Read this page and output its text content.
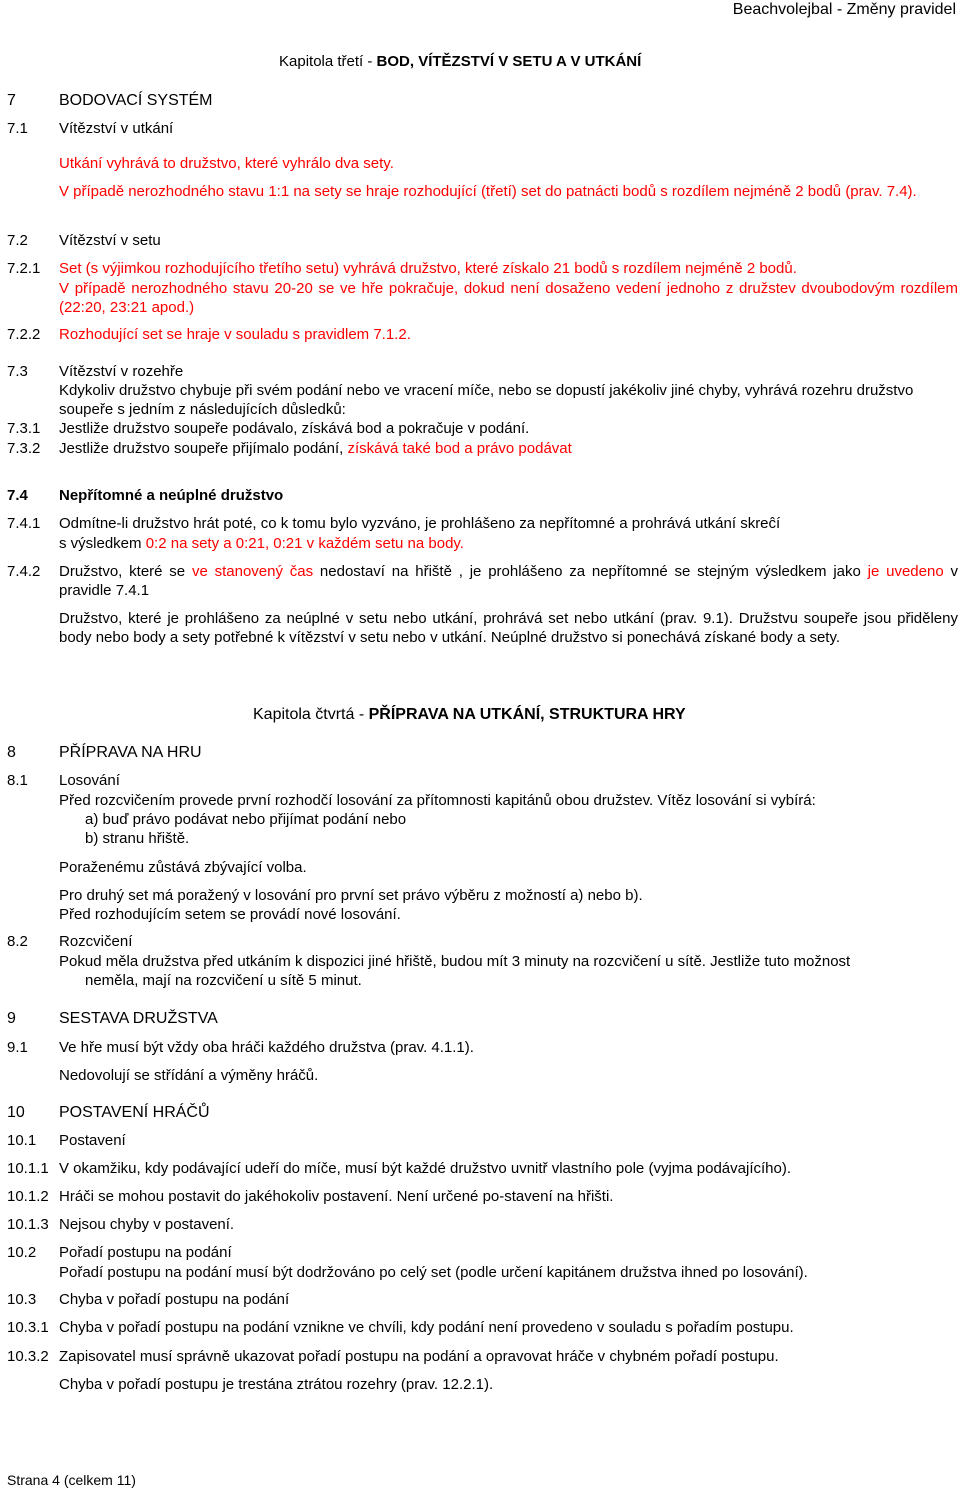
Beachvolejbal - Změny pravidel
Kapitola třetí - BOD, VÍTĚZSTVÍ V SETU A V UTKÁNÍ
7	BODOVACÍ SYSTÉM
7.1 Vítězství v utkání
Utkání vyhrává to družstvo, které vyhrálo dva sety.
V případě nerozhodného stavu 1:1 na sety se hraje rozhodující (třetí) set do patnácti bodů s rozdílem nejméně 2 bodů (prav. 7.4).
7.2 Vítězství v setu
7.2.1 Set (s výjimkou rozhodujícího třetího setu) vyhrává družstvo, které získalo 21 bodů s rozdílem nejméně 2 bodů.
V případě nerozhodného stavu 20-20 se ve hře pokračuje, dokud není dosaženo vedení jednoho z družstev dvoubodovým rozdílem (22:20, 23:21 apod.)
7.2.2 Rozhodující set se hraje v souladu s pravidlem 7.1.2.
7.3 Vítězství v rozehře
Kdykoliv družstvo chybuje při svém podání nebo ve vracení míče, nebo se dopustí jakékoliv jiné chyby, vyhrává rozehru družstvo soupeře s jedním z následujících důsledků:
7.3.1 Jestliže družstvo soupeře podávalo, získává bod a pokračuje v podání.
7.3.2 Jestliže družstvo soupeře přijímalo podání, získává také bod a právo podávat
7.4 Nepřítomné a neúplné družstvo
7.4.1 Odmítne-li družstvo hrát poté, co k tomu bylo vyzváno, je prohlášeno za nepřítomné a prohrává utkání skreĉí
s výsledkem 0:2 na sety a 0:21, 0:21 v každém setu na body.
7.4.2 Družstvo, které se ve stanovený čas nedostaví na hřiště , je prohlášeno za nepřítomné se stejným výsledkem jako je uvedeno v pravidle 7.4.1
Družstvo, které je prohlášeno za neúplné v setu nebo utkání, prohrává set nebo utkání (prav. 9.1). Družstvu soupeře jsou přiděleny body nebo body a sety potřebné k vítězství v setu nebo v utkání. Neúplné družstvo si ponechává získané body a sety.
Kapitola čtvrtá - PŘÍPRAVA NA UTKÁNÍ, STRUKTURA HRY
8	PŘÍPRAVA NA HRU
8.1 Losování
Před rozcvičením provede první rozhodčí losování za přítomnosti kapitánů obou družstev. Vítěz losování si vybírá:
a) buď právo podávat nebo přijímat podání nebo
b) stranu hřiště.
Poraženému zůstává zbývající volba.
Pro druhý set má poražený v losování pro první set právo výběru z možností a) nebo b).
Před rozhodujícím setem se provádí nové losování.
8.2 Rozcvičení
Pokud měla družstva před utkáním k dispozici jiné hřiště, budou mít 3 minuty na rozcvičení u sítě. Jestliže tuto možnost
neměla, mají na rozcvičení u sítě 5 minut.
9	SESTAVA DRUŽSTVA
9.1 Ve hře musí být vždy oba hráči každého družstva (prav. 4.1.1).
Nedovolují se střídání a výměny hráčů.
10 POSTAVENÍ HRÁČŮ
10.1 Postavení
10.1.1 V okamžiku, kdy podávající udeří do míče, musí být každé družstvo uvnitř vlastního pole (vyjma podávajícího).
10.1.2 Hráči se mohou postavit do jakéhokoliv postavení. Není určené po-stavení na hřišti.
10.1.3 Nejsou chyby v postavení.
10.2 Pořadí postupu na podání
Pořadí postupu na podání musí být dodržováno po celý set (podle určení kapitánem družstva ihned po losování).
10.3 Chyba v pořadí postupu na podání
10.3.1 Chyba v pořadí postupu na podání vznikne ve chvíli, kdy podání není provedeno v souladu s pořadím postupu.
10.3.2 Zapisovatel musí správně ukazovat pořadí postupu na podání a opravovat hráče v chybném pořadí postupu.
Chyba v pořadí postupu je trestána ztrátou rozehry (prav. 12.2.1).
Strana 4 (celkem 11)
